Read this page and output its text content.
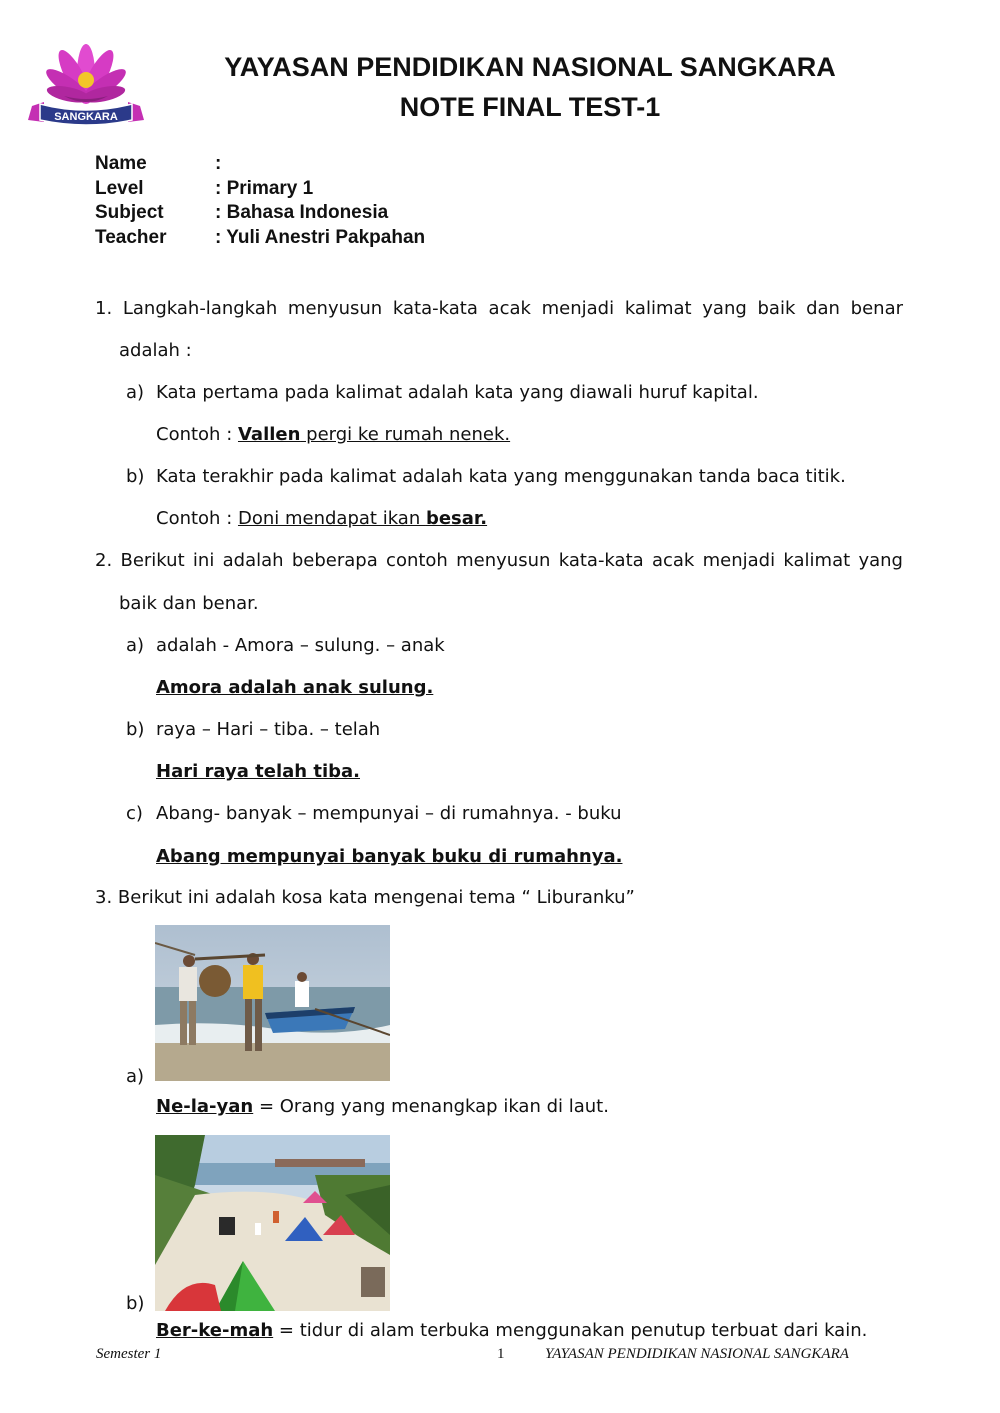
SANGKARA
YAYASAN PENDIDIKAN NASIONAL SANGKARA
NOTE FINAL TEST-1
Name	:
Level	: Primary 1
Subject	: Bahasa Indonesia
Teacher	: Yuli Anestri Pakpahan
1. Langkah-langkah menyusun kata-kata acak menjadi kalimat yang baik dan benar
adalah :
a) Kata pertama pada kalimat adalah kata yang diawali huruf kapital.
Contoh : Vallen pergi ke rumah nenek.
b) Kata terakhir pada kalimat adalah kata yang menggunakan tanda baca titik.
Contoh : Doni mendapat ikan besar.
2. Berikut ini adalah beberapa contoh menyusun kata-kata acak menjadi kalimat yang
baik dan benar.
a) adalah - Amora – sulung. – anak
Amora adalah anak sulung.
b) raya – Hari – tiba. – telah
Hari raya telah tiba.
c) Abang- banyak – mempunyai – di rumahnya. - buku
Abang mempunyai banyak buku di rumahnya.
3. Berikut ini adalah kosa kata mengenai tema “ Liburanku”
a)
Ne-la-yan = Orang yang menangkap ikan di laut.
b)
Ber-ke-mah = tidur di alam terbuka menggunakan penutup terbuat dari kain.
Semester 1	1	YAYASAN PENDIDIKAN NASIONAL SANGKARA
